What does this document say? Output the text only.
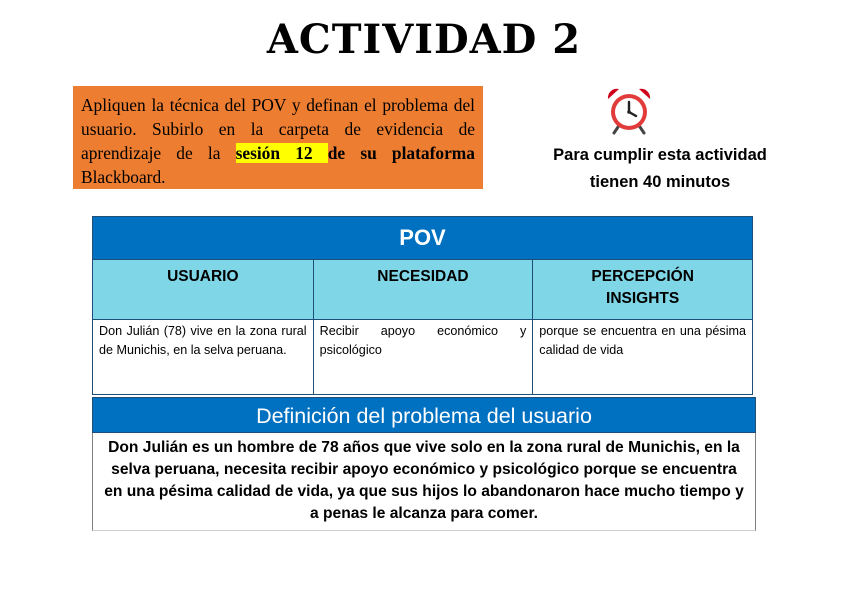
ACTIVIDAD 2
Apliquen la técnica del POV y definan el problema del usuario. Subirlo en la carpeta de evidencia de aprendizaje de la sesión 12 de su plataforma Blackboard.
Para cumplir esta actividad
tienen 40 minutos
POV		
USUARIO	NECESIDAD	PERCEPCIÓN
INSIGHTS

Don Julián (78) vive en la zona rural de Munichis, en la selva peruana.	Recibir apoyo económico y psicológico	porque se encuentra en una pésima calidad de vida
Definición del problema del usuario
Don Julián es un hombre de 78 años que vive solo en la zona rural de Munichis, en la selva peruana, necesita recibir apoyo económico y psicológico porque se encuentra en una pésima calidad de vida, ya que sus hijos lo abandonaron hace mucho tiempo y a penas le alcanza para comer.
